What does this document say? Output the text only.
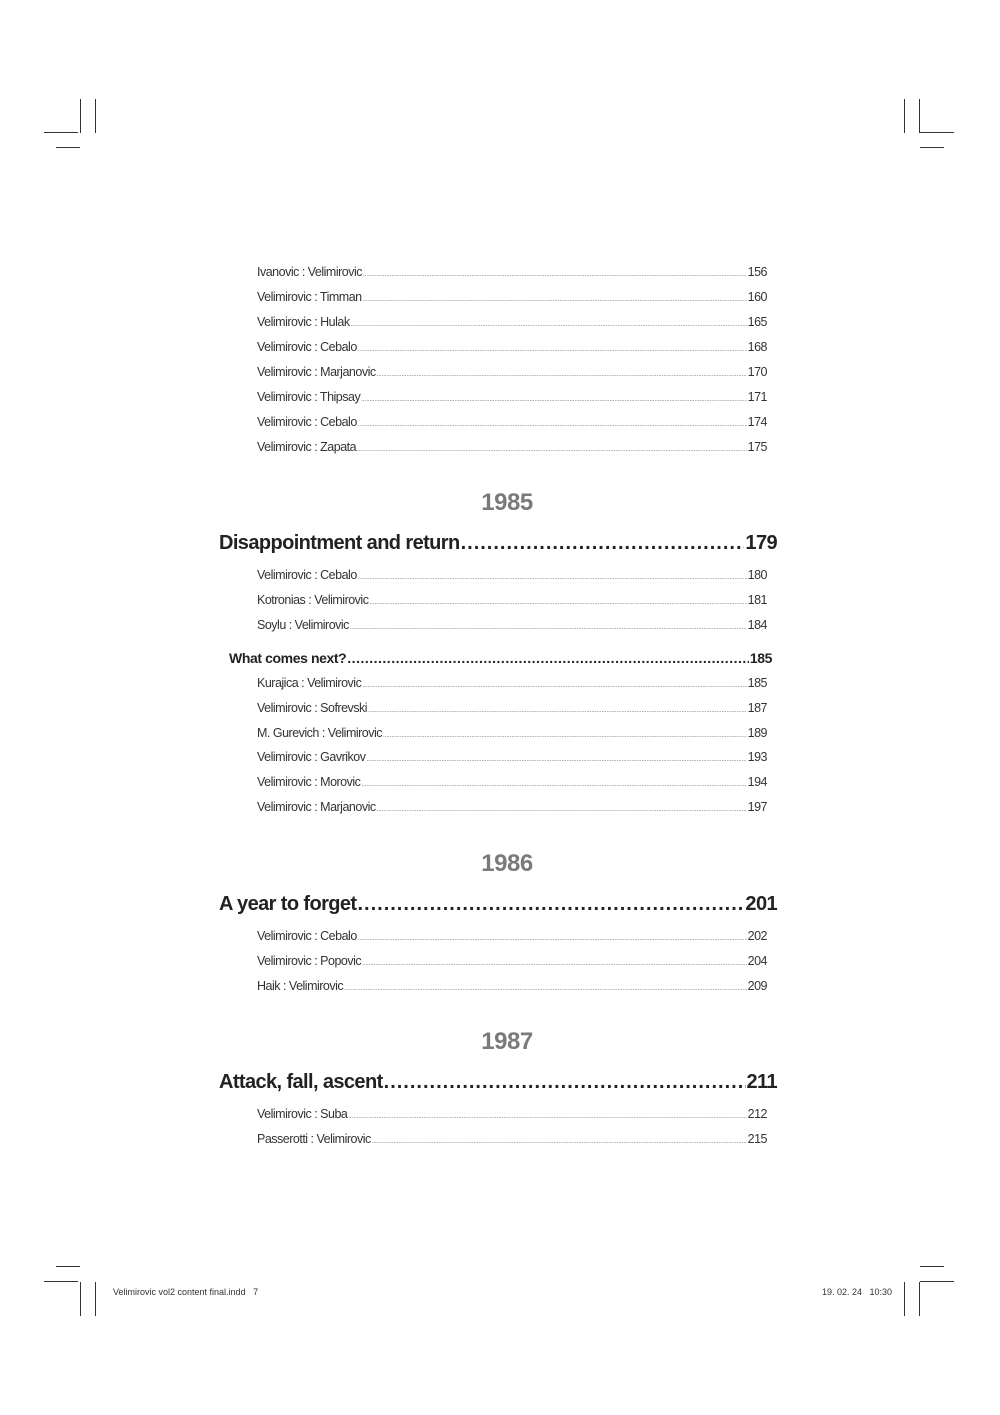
Ivanovic : Velimirovic .....	156
Velimirovic : Timman .....	160
Velimirovic : Hulak .....	165
Velimirovic : Cebalo .....	168
Velimirovic : Marjanovic .....	170
Velimirovic : Thipsay .....	171
Velimirovic : Cebalo .....	174
Velimirovic : Zapata .....	175
1985
Disappointment and return .....	179
Velimirovic : Cebalo .....	180
Kotronias : Velimirovic .....	181
Soylu : Velimirovic .....	184
What comes next? .....	185
Kurajica : Velimirovic .....	185
Velimirovic : Sofrevski .....	187
M. Gurevich : Velimirovic .....	189
Velimirovic : Gavrikov .....	193
Velimirovic : Morovic .....	194
Velimirovic : Marjanovic .....	197
1986
A year to forget .....	201
Velimirovic : Cebalo .....	202
Velimirovic : Popovic .....	204
Haik : Velimirovic .....	209
1987
Attack, fall, ascent .....	211
Velimirovic : Suba .....	212
Passerotti : Velimirovic .....	215
Velimirovic vol2 content final.indd   7	19. 02. 24   10:30
